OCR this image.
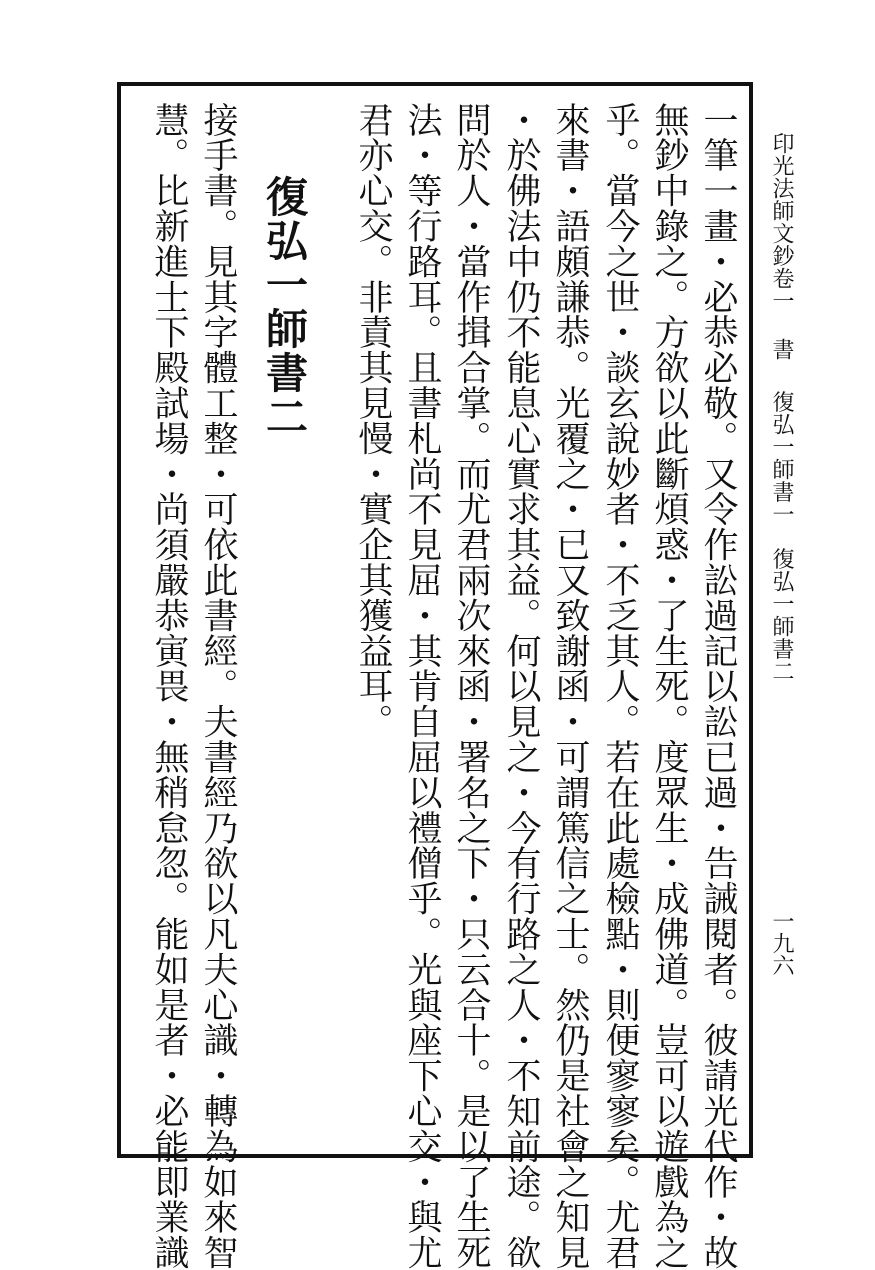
印光法師文鈔卷一書復弘一師書一復弘一師書二
一九六
一筆一畫・必恭必敬。又令作訟過記以訟已過・告誡閱者。彼請光代作・故
無鈔中錄之。方欲以此斷煩惑・了生死。度眾生・成佛道。豈可以遊戲為之
乎。當今之世・談玄說妙者・不乏其人。若在此處檢點・則便寥寥矣。尤君
來書・語頗謙恭。光覆之・已又致謝函・可謂篤信之士。然仍是社會之知見
・於佛法中仍不能息心實求其益。何以見之・今有行路之人・不知前途。欲
問於人・當作揖合掌。而尤君兩次來函・署名之下・只云合十。是以了生死
法・等行路耳。且書札尚不見屈・其肯自屈以禮僧乎。光與座下心交・與尤
君亦心交。非責其見慢・實企其獲益耳。
復弘一師書二
接手書。見其字體工整・可依此書經。夫書經乃欲以凡夫心識・轉為如來智
慧。比新進士下殿試場・尚須嚴恭寅畏・無稍怠忽。能如是者・必能即業識
